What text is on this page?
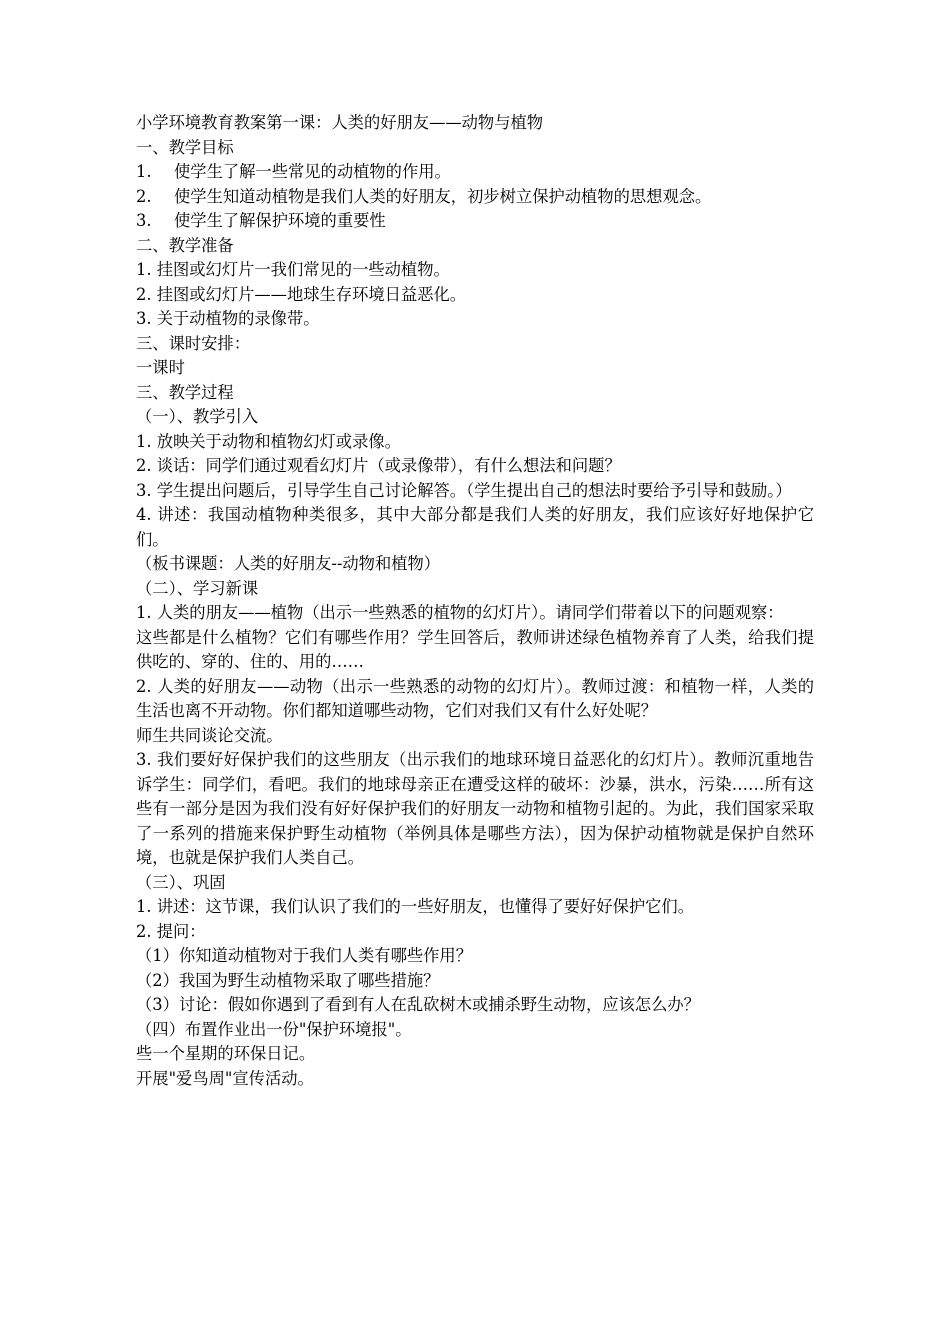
小学环境教育教案第一课：人类的好朋友——动物与植物
一、教学目标
1. 使学生了解一些常见的动植物的作用。
2. 使学生知道动植物是我们人类的好朋友，初步树立保护动植物的思想观念。
3. 使学生了解保护环境的重要性
二、教学准备
1. 挂图或幻灯片一我们常见的一些动植物。
2. 挂图或幻灯片——地球生存环境日益恶化。
3. 关于动植物的录像带。
三、课时安排：
一课时
三、教学过程
（一）、教学引入
1. 放映关于动物和植物幻灯或录像。
2. 谈话：同学们通过观看幻灯片（或录像带），有什么想法和问题？
3. 学生提出问题后，引导学生自己讨论解答。（学生提出自己的想法时要给予引导和鼓励。）
4. 讲述：我国动植物种类很多，其中大部分都是我们人类的好朋友，我们应该好好地保护它们。
（板书课题：人类的好朋友--动物和植物）
（二）、学习新课
1. 人类的朋友——植物（出示一些熟悉的植物的幻灯片）。请同学们带着以下的问题观察：
这些都是什么植物？它们有哪些作用？学生回答后，教师讲述绿色植物养育了人类，给我们提供吃的、穿的、住的、用的……
2. 人类的好朋友——动物（出示一些熟悉的动物的幻灯片）。教师过渡：和植物一样，人类的生活也离不开动物。你们都知道哪些动物，它们对我们又有什么好处呢？
师生共同谈论交流。
3. 我们要好好保护我们的这些朋友（出示我们的地球环境日益恶化的幻灯片）。教师沉重地告诉学生：同学们，看吧。我们的地球母亲正在遭受这样的破坏：沙暴，洪水，污染……所有这些有一部分是因为我们没有好好保护我们的好朋友一动物和植物引起的。为此，我们国家采取了一系列的措施来保护野生动植物（举例具体是哪些方法），因为保护动植物就是保护自然环境，也就是保护我们人类自己。
（三）、巩固
1. 讲述：这节课，我们认识了我们的一些好朋友，也懂得了要好好保护它们。
2. 提问：
（1）你知道动植物对于我们人类有哪些作用？
（2）我国为野生动植物采取了哪些措施？
（3）讨论：假如你遇到了看到有人在乱砍树木或捕杀野生动物，应该怎么办？
（四）布置作业出一份"保护环境报"。
些一个星期的环保日记。
开展"爱鸟周"宣传活动。
